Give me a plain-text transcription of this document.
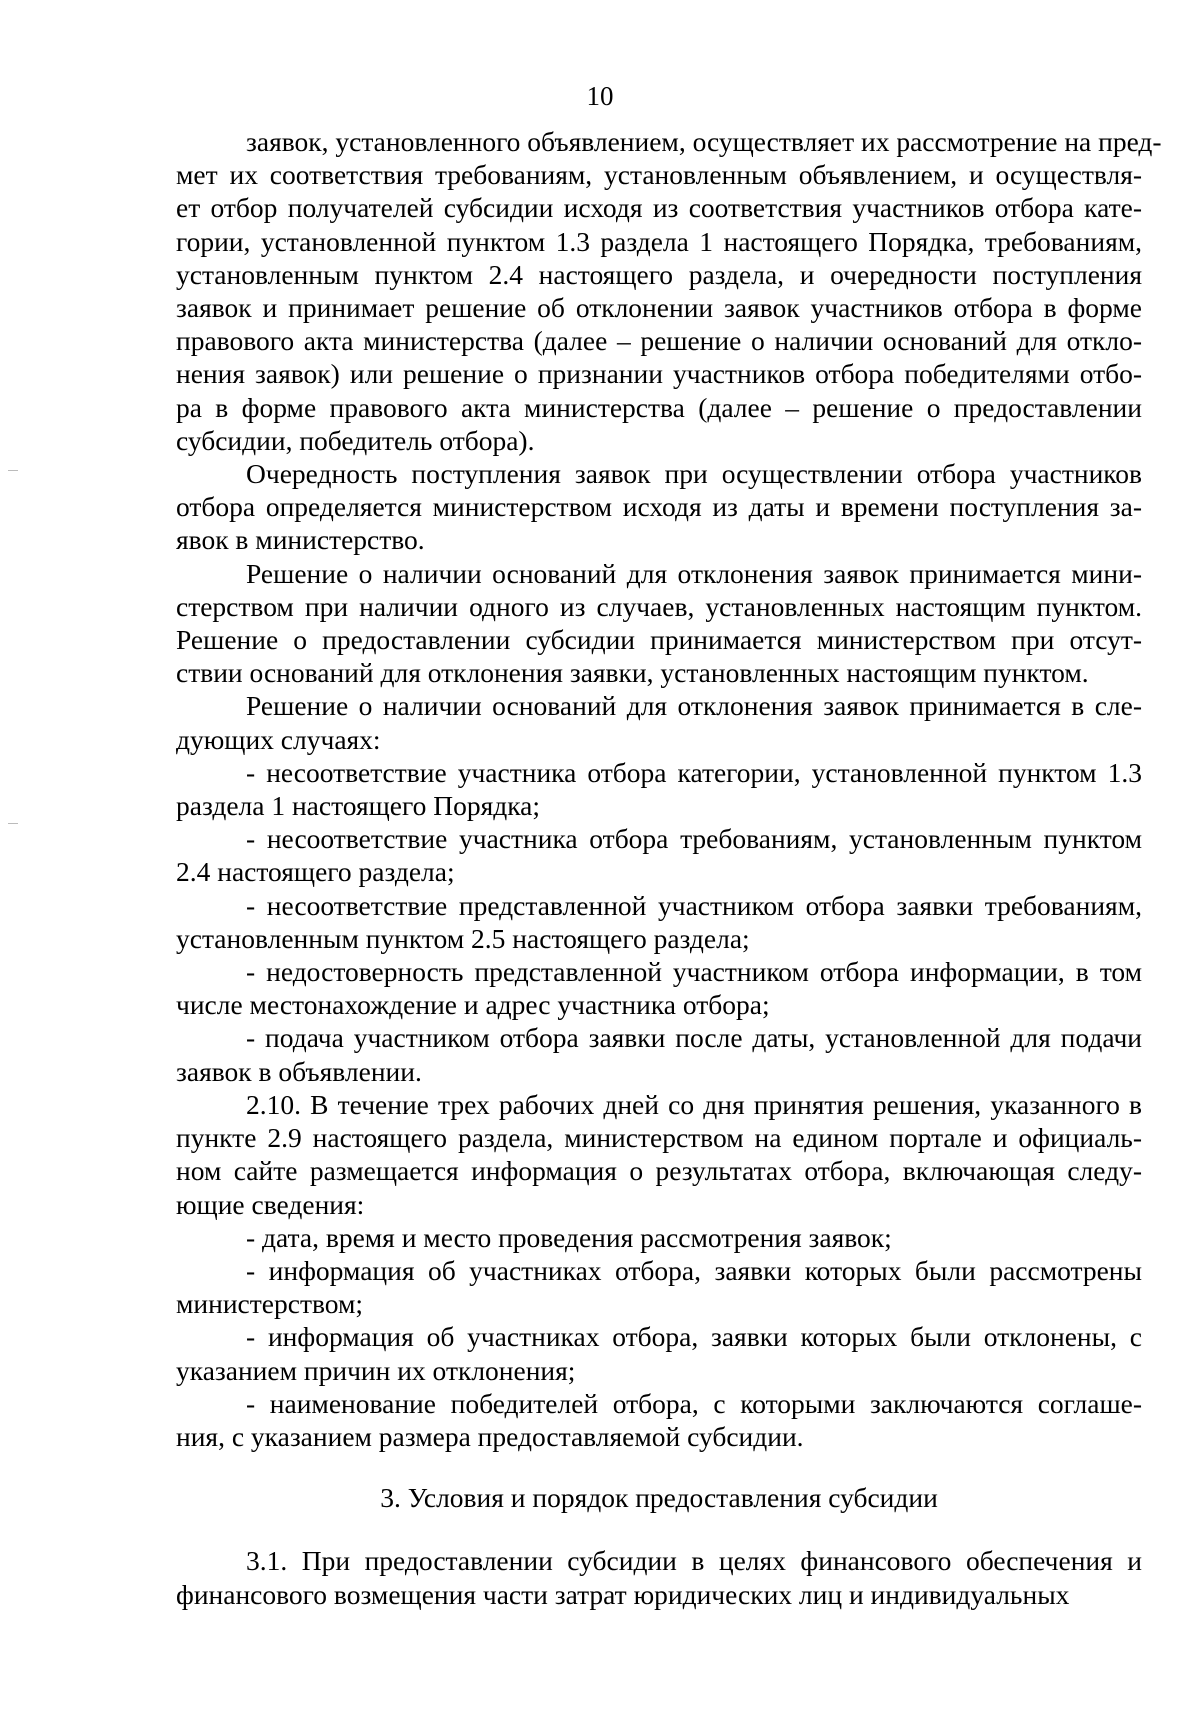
10
заявок, установленного объявлением, осуществляет их рассмотрение на пред-
мет их соответствия требованиям, установленным объявлением, и осуществля-
ет отбор получателей субсидии исходя из соответствия участников отбора кате-
гории, установленной пунктом 1.3 раздела 1 настоящего Порядка, требованиям,
установленным пунктом 2.4 настоящего раздела, и очередности поступления
заявок и принимает решение об отклонении заявок участников отбора в форме
правового акта министерства (далее – решение о наличии оснований для откло-
нения заявок) или решение о признании участников отбора победителями отбо-
ра в форме правового акта министерства (далее – решение о предоставлении
субсидии, победитель отбора).
Очередность поступления заявок при осуществлении отбора участников
отбора определяется министерством исходя из даты и времени поступления за-
явок в министерство.
Решение о наличии оснований для отклонения заявок принимается мини-
стерством при наличии одного из случаев, установленных настоящим пунктом.
Решение о предоставлении субсидии принимается министерством при отсут-
ствии оснований для отклонения заявки, установленных настоящим пунктом.
Решение о наличии оснований для отклонения заявок принимается в сле-
дующих случаях:
- несоответствие участника отбора категории, установленной пунктом 1.3
раздела 1 настоящего Порядка;
- несоответствие участника отбора требованиям, установленным пунктом
2.4 настоящего раздела;
- несоответствие представленной участником отбора заявки требованиям,
установленным пунктом 2.5 настоящего раздела;
- недостоверность представленной участником отбора информации, в том
числе местонахождение и адрес участника отбора;
- подача участником отбора заявки после даты, установленной для подачи
заявок в объявлении.
2.10. В течение трех рабочих дней со дня принятия решения, указанного в
пункте 2.9 настоящего раздела, министерством на едином портале и официаль-
ном сайте размещается информация о результатах отбора, включающая следу-
ющие сведения:
- дата, время и место проведения рассмотрения заявок;
- информация об участниках отбора, заявки которых были рассмотрены
министерством;
- информация об участниках отбора, заявки которых были отклонены, с
указанием причин их отклонения;
- наименование победителей отбора, с которыми заключаются соглаше-
ния, с указанием размера предоставляемой субсидии.
3. Условия и порядок предоставления субсидии
3.1. При предоставлении субсидии в целях финансового обеспечения и
финансового возмещения части затрат юридических лиц и индивидуальных
